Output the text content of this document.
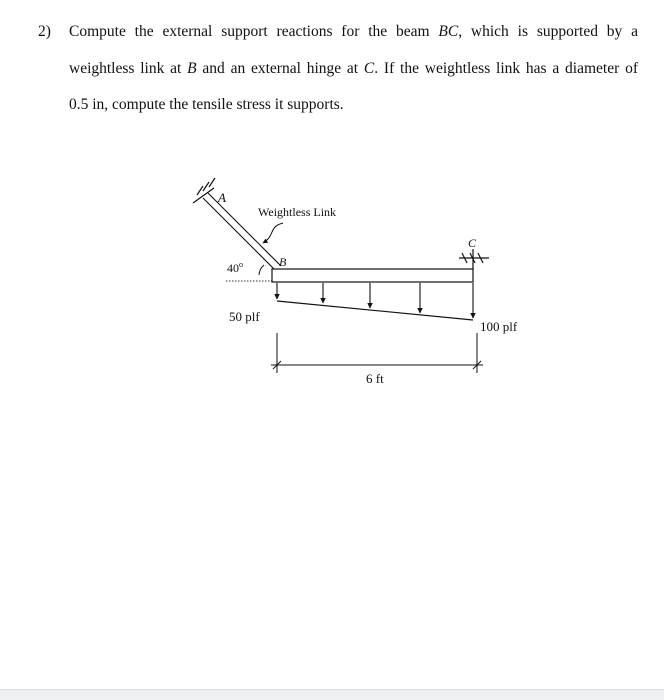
2) Compute the external support reactions for the beam BC, which is supported by a
weightless link at B and an external hinge at C. If the weightless link has a diameter of
0.5 in, compute the tensile stress it supports.
A
Weightless Link
40$^o$	B
C
50 plf
100 plf
6 ft
